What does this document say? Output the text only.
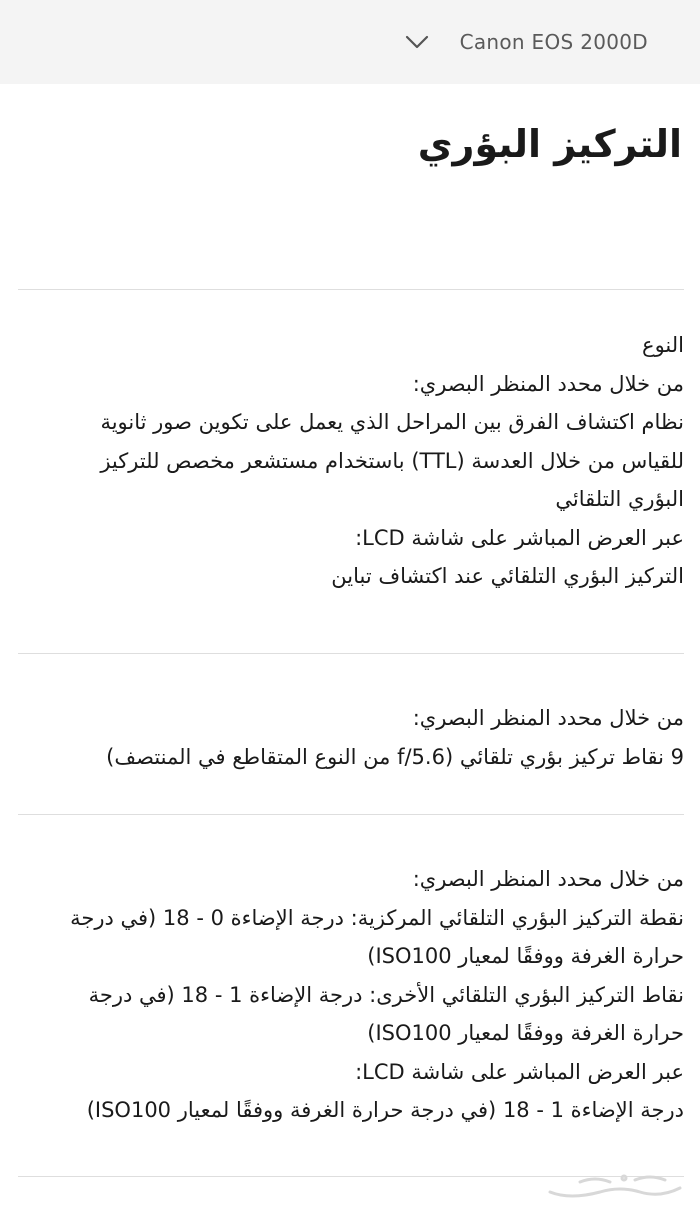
Canon EOS 2000D
التركيز البؤري
النوع
من خلال محدد المنظر البصري:
نظام اكتشاف الفرق بين المراحل الذي يعمل على تكوين صور ثانوية
للقياس من خلال العدسة (TTL) باستخدام مستشعر مخصص للتركيز
البؤري التلقائي
عبر العرض المباشر على شاشة LCD:
التركيز البؤري التلقائي عند اكتشاف تباين
من خلال محدد المنظر البصري:
9 نقاط تركيز بؤري تلقائي (f/5.6 من النوع المتقاطع في المنتصف)
من خلال محدد المنظر البصري:
نقطة التركيز البؤري التلقائي المركزية: درجة الإضاءة 0 - 18 (في درجة
حرارة الغرفة ووفقًا لمعيار ISO100)
نقاط التركيز البؤري التلقائي الأخرى: درجة الإضاءة 1 - 18 (في درجة
حرارة الغرفة ووفقًا لمعيار ISO100)
عبر العرض المباشر على شاشة LCD:
درجة الإضاءة 1 - 18 (في درجة حرارة الغرفة ووفقًا لمعيار ISO100)
